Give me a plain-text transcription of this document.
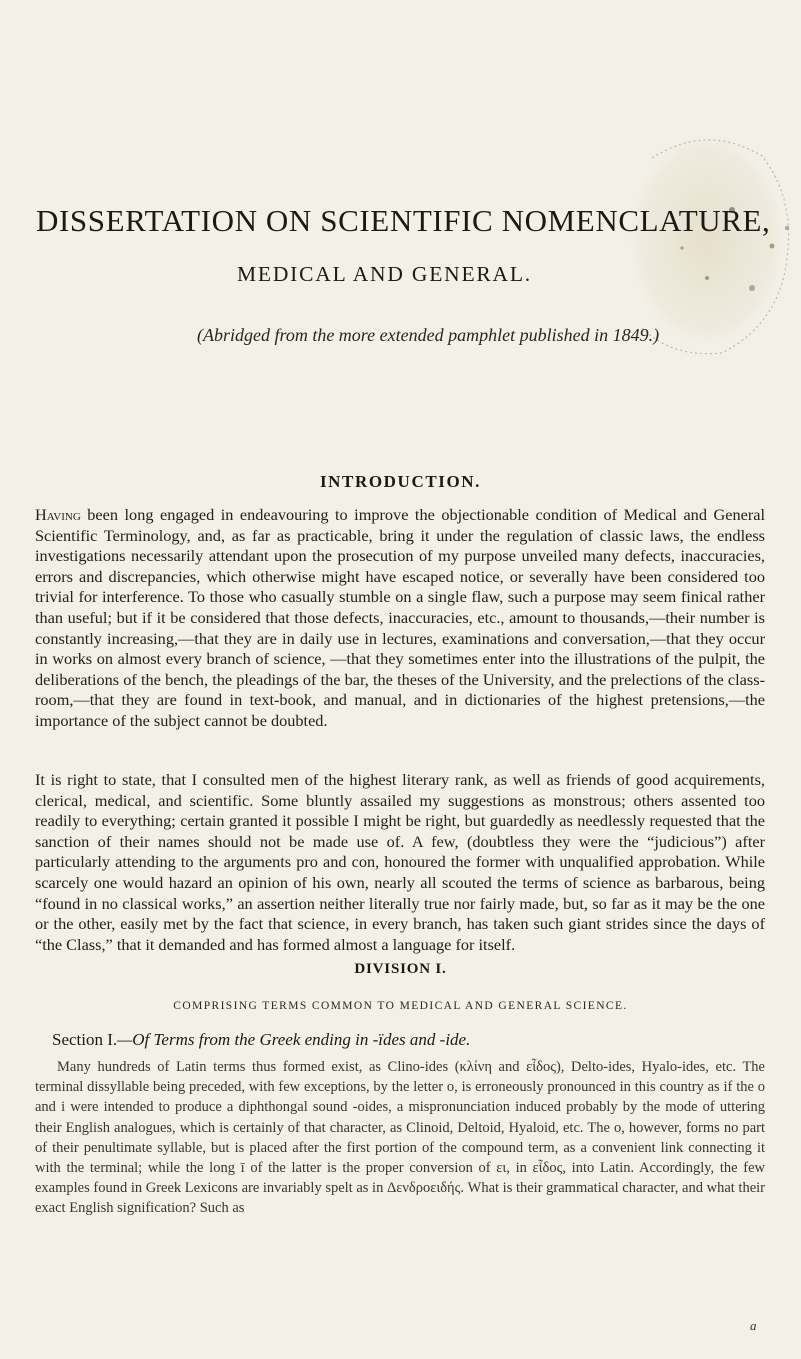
DISSERTATION ON SCIENTIFIC NOMENCLATURE,
MEDICAL AND GENERAL.
(Abridged from the more extended pamphlet published in 1849.)
INTRODUCTION.

Having been long engaged in endeavouring to improve the objectionable condition of Medical and General Scientific Terminology, and, as far as practicable, bring it under the regulation of classic laws, the endless investigations necessarily attendant upon the prosecution of my purpose unveiled many defects, inaccuracies, errors and discrepancies, which otherwise might have escaped notice, or severally have been considered too trivial for interference. To those who casually stumble on a single flaw, such a purpose may seem finical rather than useful; but if it be considered that those defects, inaccuracies, etc., amount to thousands,—their number is constantly increasing,—that they are in daily use in lectures, examinations and conversation,—that they occur in works on almost every branch of science, —that they sometimes enter into the illustrations of the pulpit, the deliberations of the bench, the pleadings of the bar, the theses of the University, and the prelections of the class-room,—that they are found in text-book, and manual, and in dictionaries of the highest pretensions,—the importance of the subject cannot be doubted.

It is right to state, that I consulted men of the highest literary rank, as well as friends of good acquirements, clerical, medical, and scientific. Some bluntly assailed my suggestions as monstrous; others assented too readily to everything; certain granted it possible I might be right, but guardedly as needlessly requested that the sanction of their names should not be made use of. A few, (doubtless they were the “judicious”) after particularly attending to the arguments pro and con, honoured the former with unqualified approbation. While scarcely one would hazard an opinion of his own, nearly all scouted the terms of science as barbarous, being “found in no classical works,” an assertion neither literally true nor fairly made, but, so far as it may be the one or the other, easily met by the fact that science, in every branch, has taken such giant strides since the days of “the Class,” that it demanded and has formed almost a language for itself.

DIVISION I.
COMPRISING TERMS COMMON TO MEDICAL AND GENERAL SCIENCE.
Section I.—Of Terms from the Greek ending in -ïdes and -ide.

Many hundreds of Latin terms thus formed exist, as Clino-ides (κλίνη and εἶδος), Delto-ides, Hyalo-ides, etc. The terminal dissyllable being preceded, with few exceptions, by the letter o, is erroneously pronounced in this country as if the o and i were intended to produce a diphthongal sound -oides, a mispronunciation induced probably by the mode of uttering their English analogues, which is certainly of that character, as Clinoid, Deltoid, Hyaloid, etc. The o, however, forms no part of their penultimate syllable, but is placed after the first portion of the compound term, as a convenient link connecting it with the terminal; while the long ī of the latter is the proper conversion of ει, in εἶδος, into Latin. Accordingly, the few examples found in Greek Lexicons are invariably spelt as in Δενδροειδής. What is their grammatical character, and what their exact English signification? Such as

a
